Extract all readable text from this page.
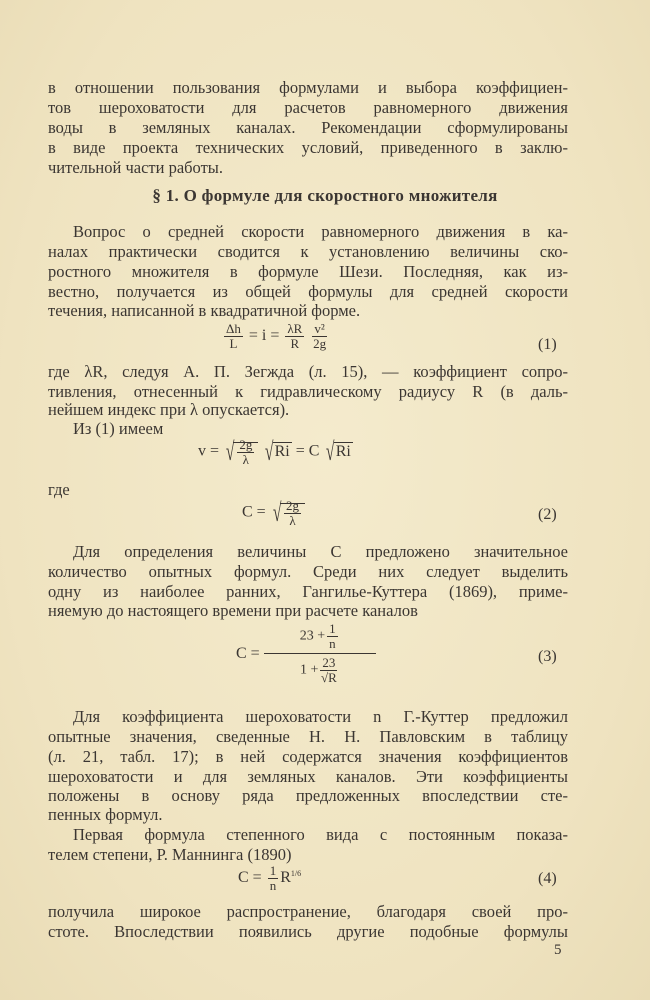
в отношении пользования формулами и выбора коэффициен-
тов шероховатости для расчетов равномерного движения
воды в земляных каналах. Рекомендации сформулированы
в виде проекта технических условий, приведенного в заклю-
чительной части работы.
§ 1. О формуле для скоростного множителя
Вопрос о средней скорости равномерного движения в ка-
налах практически сводится к установлению величины ско-
ростного множителя в формуле Шези. Последняя, как из-
вестно, получается из общей формулы для средней скорости
течения, написанной в квадратичной форме.
$\frac{\Delta h}{L} = i = \frac{\lambda R}{R}$
$\frac{\text{v²}}{2g}$	(1)
где λR, следуя А. П. Зегжда (л. 15), — коэффициент сопро-
тивления, отнесенный к гидравлическому радиусу R (в даль-
нейшем индекс при λ опускается).
Из (1) имеем
v = √ $\frac{2g}{\lambda} √Ri = C$ √Ri
где
C = √ $\frac{2g}{\lambda}$	(2)
Для определения величины C предложено значительное
количество опытных формул. Среди них следует выделить
одну из наиболее ранних, Гангилье-Куттера (1869), приме-
няемую до настоящего времени при расчете каналов
$C = \frac{23 + \frac{1}{n}}{1 + \frac{23}{√R}}$	(3)
Для коэффициента шероховатости n Г.-Куттер предложил
опытные значения, сведенные Н. Н. Павловским в таблицу
(л. 21, табл. 17); в ней содержатся значения коэффициентов
шероховатости и для земляных каналов. Эти коэффициенты
положены в основу ряда предложенных впоследствии сте-
пенных формул.
Первая формула степенного вида с постоянным показа-
телем степени, Р. Маннинга (1890)
$C = \frac{1}{n} R^{1/6}$	(4)
получила широкое распространение, благодаря своей про-
стоте. Впоследствии появились другие подобные формулы
5
